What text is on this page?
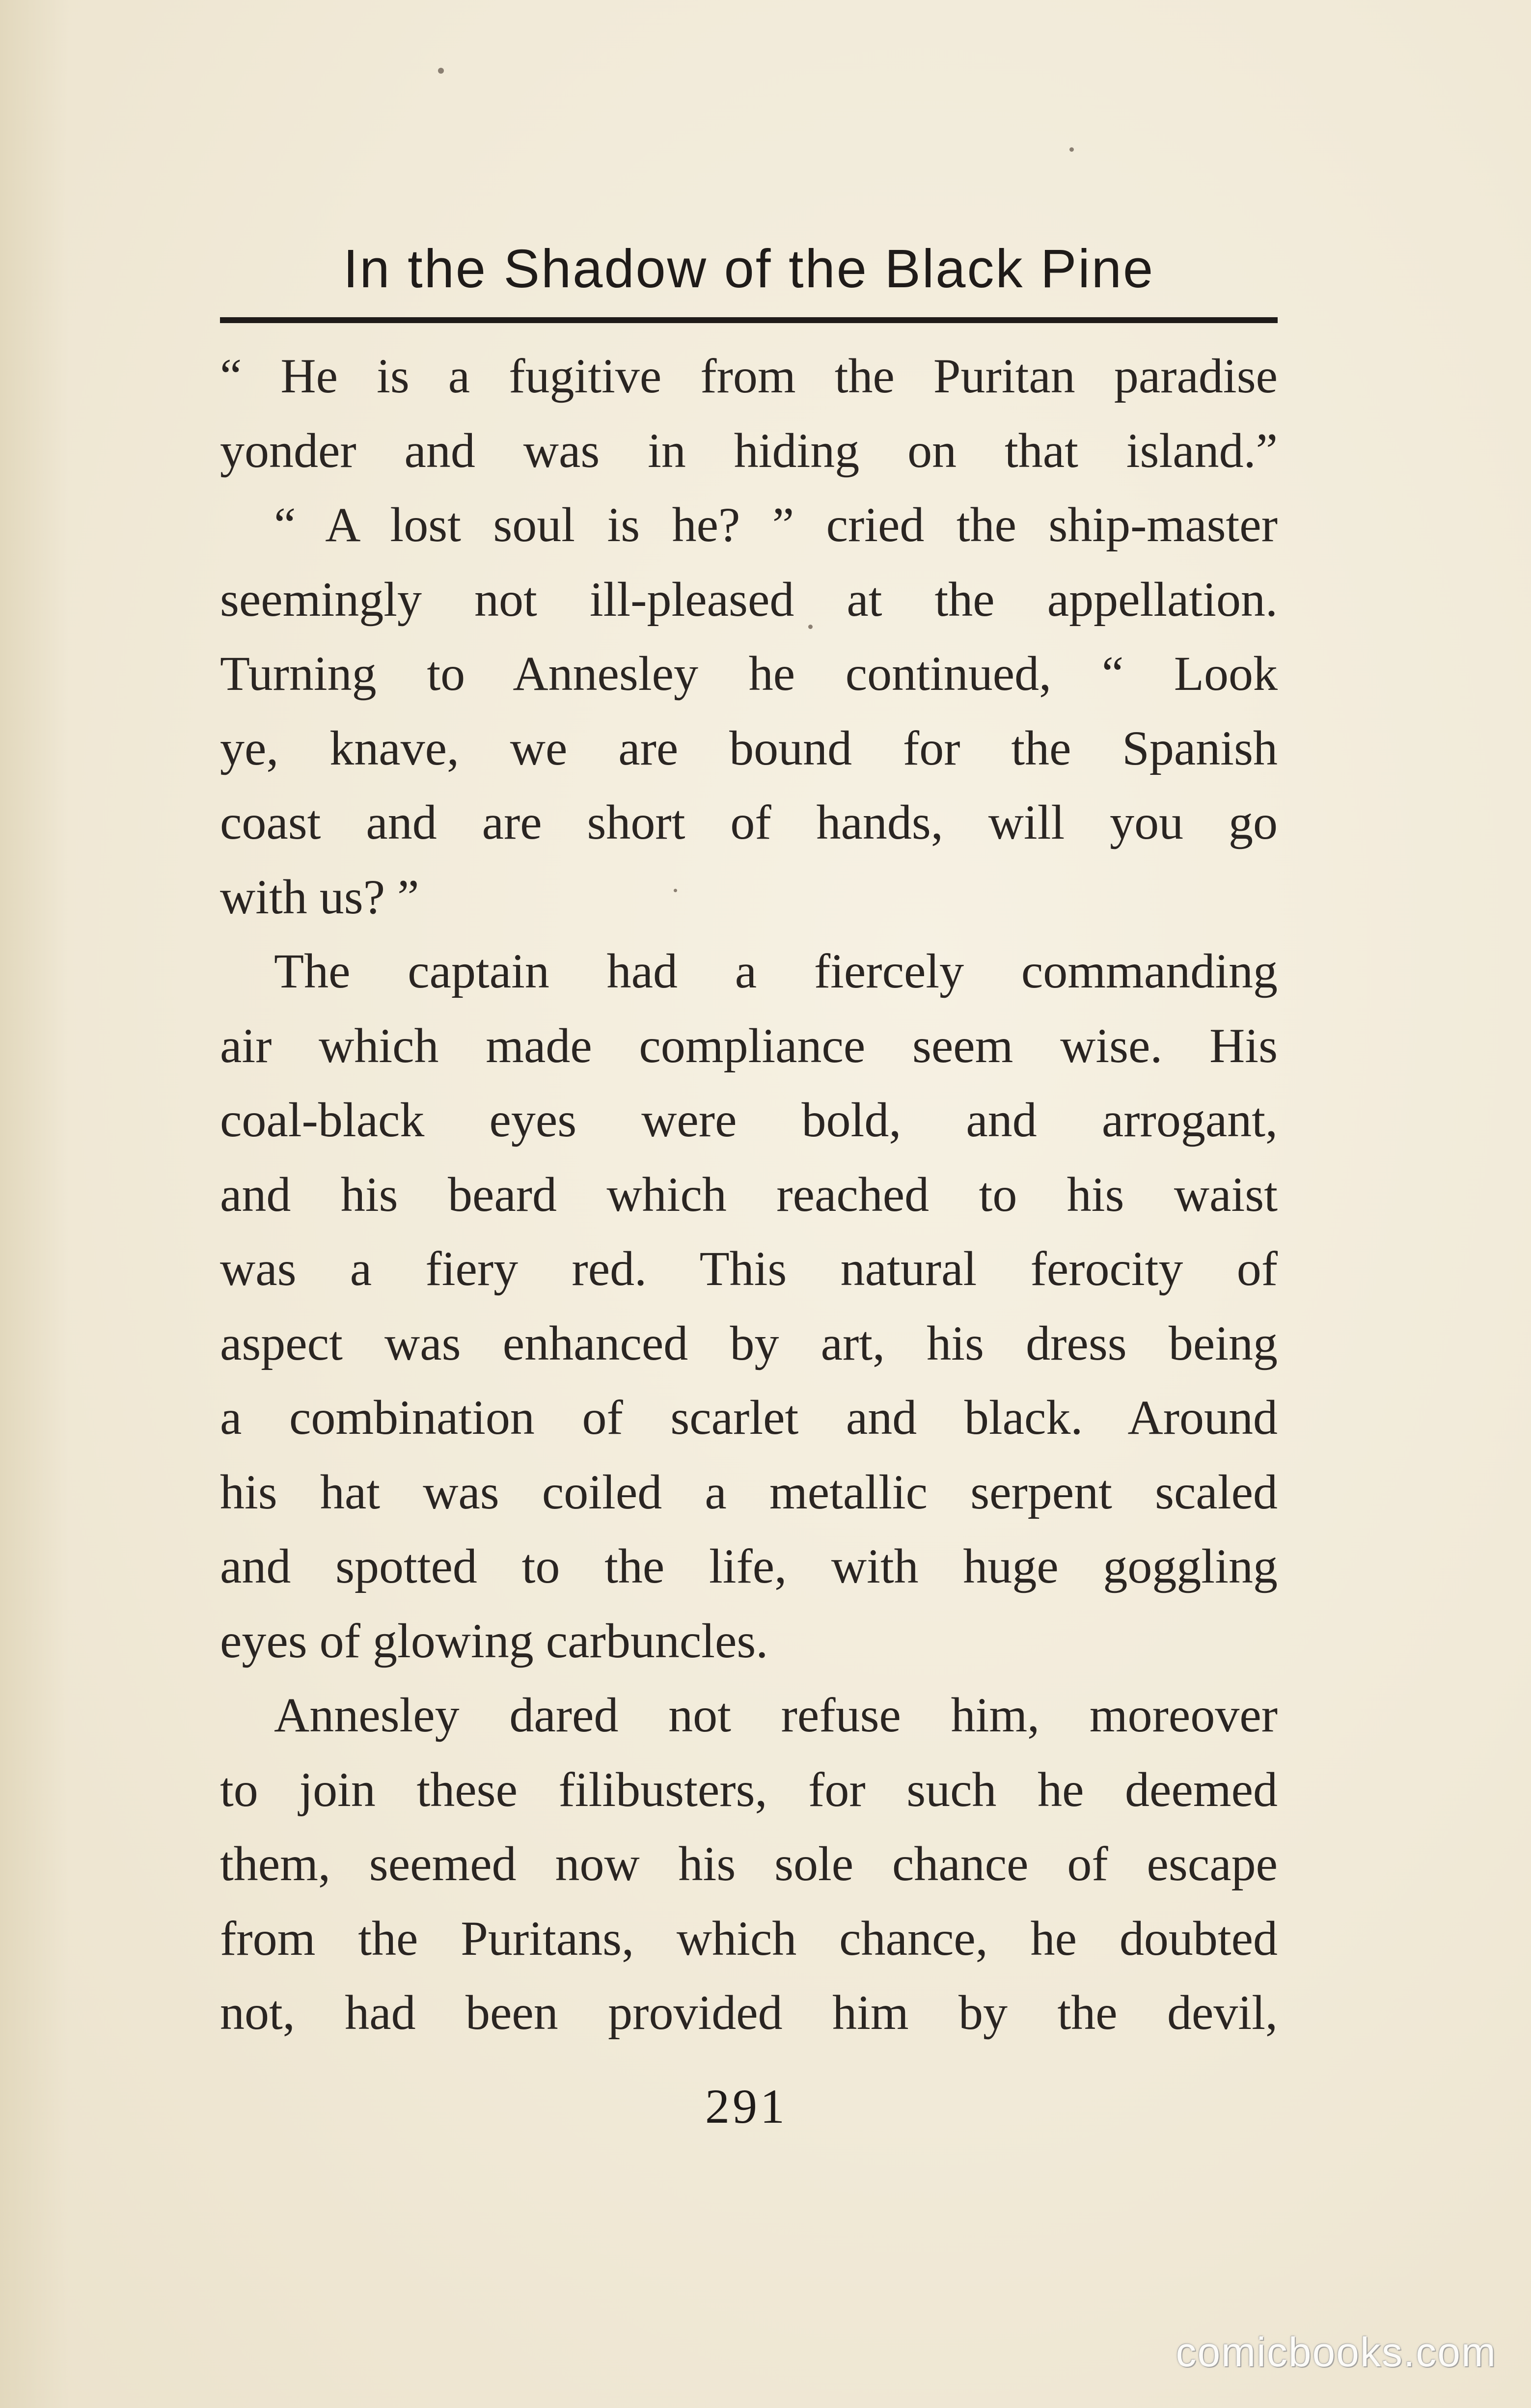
In the Shadow of the Black Pine
“ He is a fugitive from the Puritan paradise
yonder and was in hiding on that island.”
“ A lost soul is he? ” cried the ship-master
seemingly not ill-pleased at the appellation.
Turning to Annesley he continued, “ Look
ye, knave, we are bound for the Spanish
coast and are short of hands, will you go
with us? ”
The captain had a fiercely commanding
air which made compliance seem wise. His
coal-black eyes were bold, and arrogant,
and his beard which reached to his waist
was a fiery red. This natural ferocity of
aspect was enhanced by art, his dress being
a combination of scarlet and black. Around
his hat was coiled a metallic serpent scaled
and spotted to the life, with huge goggling
eyes of glowing carbuncles.
Annesley dared not refuse him, moreover
to join these filibusters, for such he deemed
them, seemed now his sole chance of escape
from the Puritans, which chance, he doubted
not, had been provided him by the devil,
291
comicbooks.com
